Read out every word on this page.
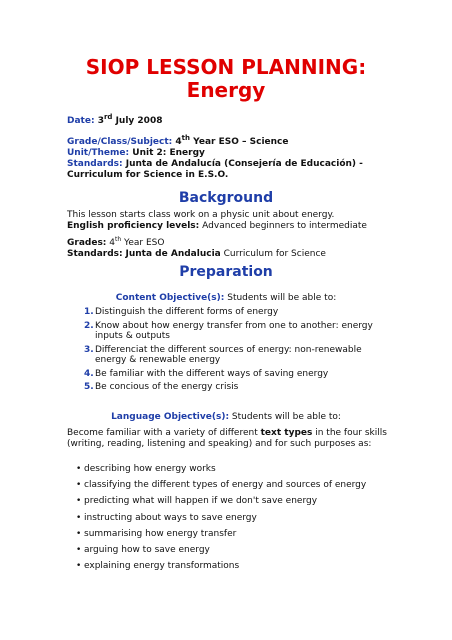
SIOP LESSON PLANNING:
Energy

Date: 3rd July 2008

Grade/Class/Subject: 4th Year ESO – Science

Unit/Theme: Unit 2: Energy

Standards: Junta de Andalucía (Consejería de Educación) -

Curriculum for Science in E.S.O.

Background

This lesson starts class work on a physic unit about energy.

English proficiency levels: Advanced beginners to intermediate

Grades: 4th Year ESO

Standards: Junta de Andalucia Curriculum for Science

Preparation
Content Objective(s): Students will be able to:
1. Distinguish the different forms of energy
2. Know about how energy transfer from one to another: energy inputs & outputs
3. Differenciat the different sources of energy: non-renewable energy & renewable energy
4. Be familiar with the different ways of saving energy
5. Be concious of the energy crisis
Language Objective(s): Students will be able to:

Become familiar with a variety of different text types in the four skills (writing, reading, listening and speaking) and for such purposes as:

• describing how energy works
• classifying the different types of energy and sources of energy
• predicting what will happen if we don't save energy
• instructing about ways to save energy
• summarising how energy transfer
• arguing how to save energy
• explaining energy transformations
